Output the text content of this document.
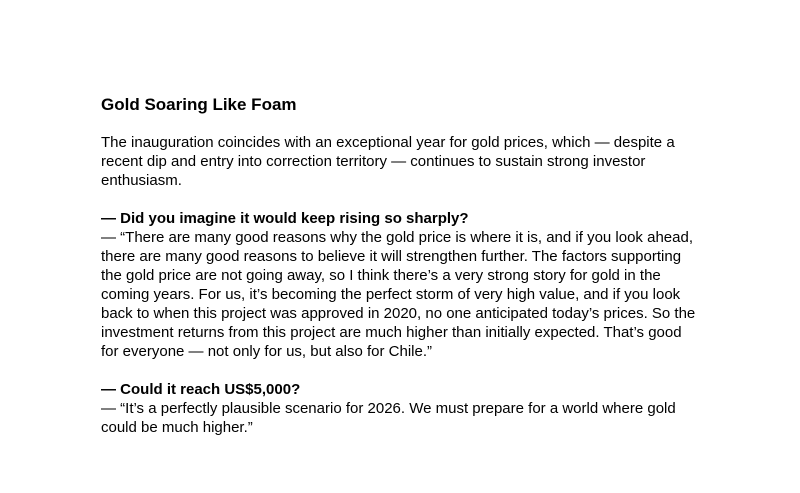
Gold Soaring Like Foam

The inauguration coincides with an exceptional year for gold prices, which — despite a recent dip and entry into correction territory — continues to sustain strong investor enthusiasm.

— Did you imagine it would keep rising so sharply?

— “There are many good reasons why the gold price is where it is, and if you look ahead, there are many good reasons to believe it will strengthen further. The factors supporting the gold price are not going away, so I think there’s a very strong story for gold in the coming years. For us, it’s becoming the perfect storm of very high value, and if you look back to when this project was approved in 2020, no one anticipated today’s prices. So the investment returns from this project are much higher than initially expected. That’s good for everyone — not only for us, but also for Chile.”

— Could it reach US$5,000?

— “It’s a perfectly plausible scenario for 2026. We must prepare for a world where gold could be much higher.”
